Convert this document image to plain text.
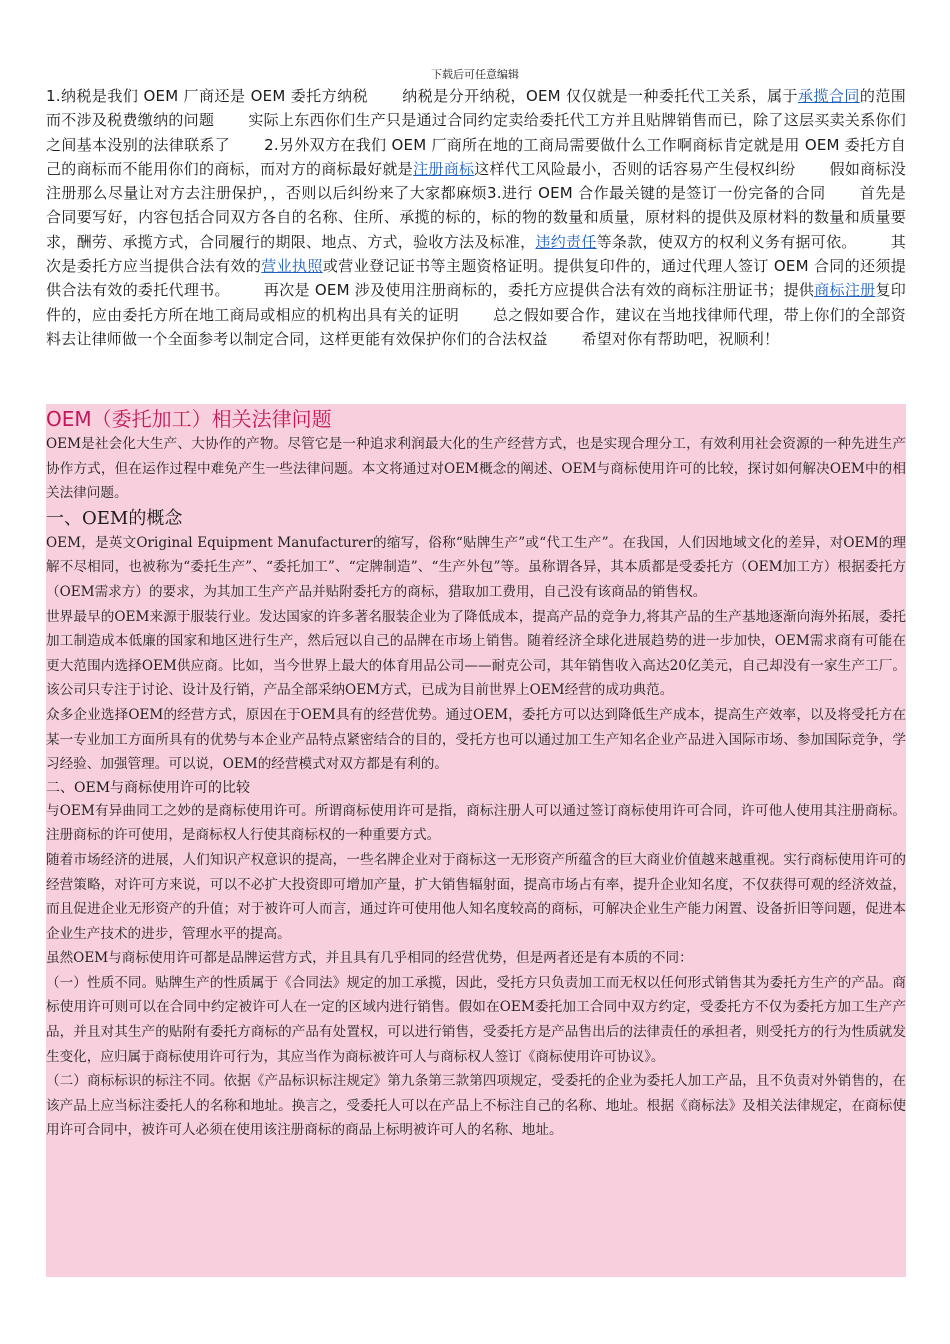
下载后可任意编辑
1.纳税是我们 OEM 厂商还是 OEM 委托方纳税 纳税是分开纳税，OEM 仅仅就是一种委托代工关系，属于承揽合同的范围而不涉及税费缴纳的问题 实际上东西你们生产只是通过合同约定卖给委托代工方并且贴牌销售而已，除了这层买卖关系你们之间基本没别的法律联系了 2.另外双方在我们 OEM 厂商所在地的工商局需要做什么工作啊商标肯定就是用 OEM 委托方自己的商标而不能用你们的商标，而对方的商标最好就是注册商标这样代工风险最小，否则的话容易产生侵权纠纷 假如商标没注册那么尽量让对方去注册保护，，否则以后纠纷来了大家都麻烦3.进行 OEM 合作最关键的是签订一份完备的合同 首先是合同要写好，内容包括合同双方各自的名称、住所、承揽的标的，标的物的数量和质量，原材料的提供及原材料的数量和质量要求，酬劳、承揽方式，合同履行的期限、地点、方式，验收方法及标准，违约责任等条款，使双方的权利义务有据可依。 其次是委托方应当提供合法有效的营业执照或营业登记证书等主题资格证明。提供复印件的，通过代理人签订 OEM 合同的还须提供合法有效的委托代理书。 再次是 OEM 涉及使用注册商标的，委托方应提供合法有效的商标注册证书；提供商标注册复印件的，应由委托方所在地工商局或相应的机构出具有关的证明 总之假如要合作，建议在当地找律师代理，带上你们的全部资料去让律师做一个全面参考以制定合同，这样更能有效保护你们的合法权益 希望对你有帮助吧，祝顺利！
OEM（委托加工）相关法律问题

OEM是社会化大生产、大协作的产物。尽管它是一种追求利润最大化的生产经营方式，也是实现合理分工，有效利用社会资源的一种先进生产协作方式，但在运作过程中难免产生一些法律问题。本文将通过对OEM概念的阐述、OEM与商标使用许可的比较，探讨如何解决OEM中的相关法律问题。

一、OEM的概念

OEM，是英文Original Equipment Manufacturer的缩写，俗称“贴牌生产”或“代工生产”。在我国，人们因地域文化的差异，对OEM的理解不尽相同，也被称为“委托生产”、“委托加工”、“定牌制造”、“生产外包”等。虽称谓各异，其本质都是受委托方（OEM加工方）根据委托方（OEM需求方）的要求，为其加工生产产品并贴附委托方的商标，猎取加工费用，自己没有该商品的销售权。

世界最早的OEM来源于服装行业。发达国家的许多著名服装企业为了降低成本，提高产品的竞争力,将其产品的生产基地逐渐向海外拓展，委托加工制造成本低廉的国家和地区进行生产，然后冠以自己的品牌在市场上销售。随着经济全球化进展趋势的进一步加快，OEM需求商有可能在更大范围内选择OEM供应商。比如，当今世界上最大的体育用品公司——耐克公司，其年销售收入高达20亿美元，自己却没有一家生产工厂。该公司只专注于讨论、设计及行销，产品全部采纳OEM方式，已成为目前世界上OEM经营的成功典范。

众多企业选择OEM的经营方式，原因在于OEM具有的经营优势。通过OEM，委托方可以达到降低生产成本，提高生产效率，以及将受托方在某一专业加工方面所具有的优势与本企业产品特点紧密结合的目的，受托方也可以通过加工生产知名企业产品进入国际市场、参加国际竞争，学习经验、加强管理。可以说，OEM的经营模式对双方都是有利的。

二、OEM与商标使用许可的比较

与OEM有异曲同工之妙的是商标使用许可。所谓商标使用许可是指，商标注册人可以通过签订商标使用许可合同，许可他人使用其注册商标。注册商标的许可使用，是商标权人行使其商标权的一种重要方式。

随着市场经济的进展，人们知识产权意识的提高，一些名牌企业对于商标这一无形资产所蕴含的巨大商业价值越来越重视。实行商标使用许可的经营策略，对许可方来说，可以不必扩大投资即可增加产量，扩大销售辐射面，提高市场占有率，提升企业知名度，不仅获得可观的经济效益，而且促进企业无形资产的升值；对于被许可人而言，通过许可使用他人知名度较高的商标，可解决企业生产能力闲置、设备折旧等问题，促进本企业生产技术的进步，管理水平的提高。

虽然OEM与商标使用许可都是品牌运营方式，并且具有几乎相同的经营优势，但是两者还是有本质的不同：

（一）性质不同。贴牌生产的性质属于《合同法》规定的加工承揽，因此，受托方只负责加工而无权以任何形式销售其为委托方生产的产品。商标使用许可则可以在合同中约定被许可人在一定的区域内进行销售。假如在OEM委托加工合同中双方约定，受委托方不仅为委托方加工生产产品，并且对其生产的贴附有委托方商标的产品有处置权，可以进行销售，受委托方是产品售出后的法律责任的承担者，则受托方的行为性质就发生变化，应归属于商标使用许可行为，其应当作为商标被许可人与商标权人签订《商标使用许可协议》。

（二）商标标识的标注不同。依据《产品标识标注规定》第九条第三款第四项规定，受委托的企业为委托人加工产品，且不负责对外销售的，在该产品上应当标注委托人的名称和地址。换言之，受委托人可以在产品上不标注自己的名称、地址。根据《商标法》及相关法律规定，在商标使用许可合同中，被许可人必须在使用该注册商标的商品上标明被许可人的名称、地址。
